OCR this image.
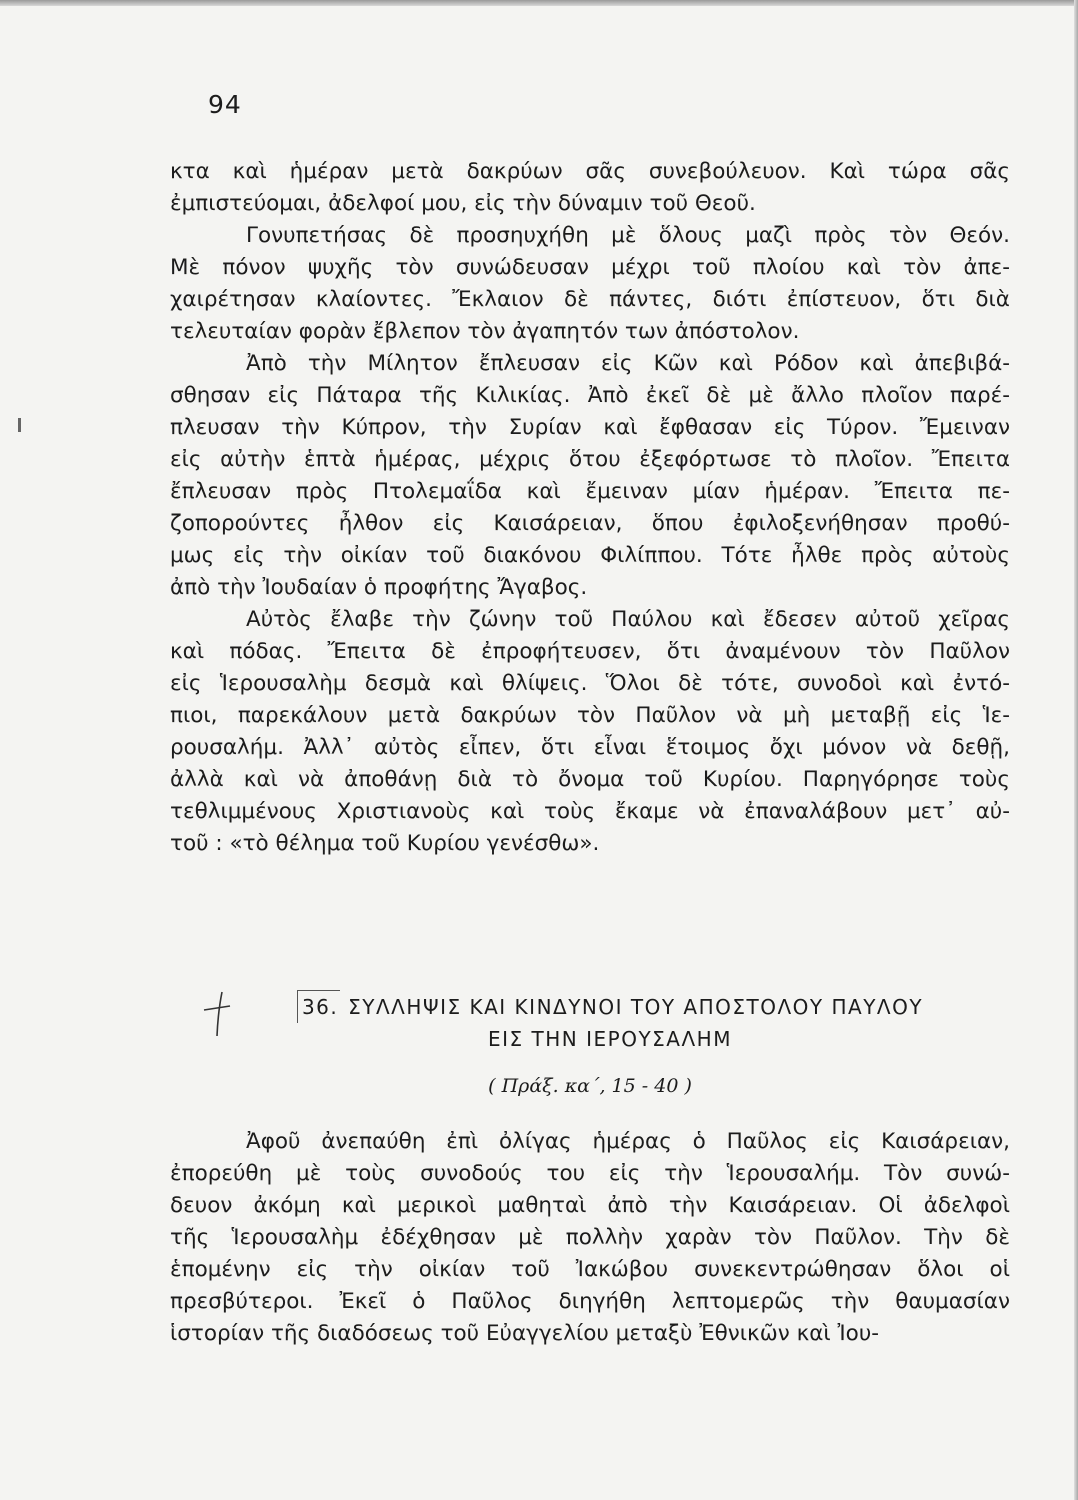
94
κτα καὶ ἡμέραν μετὰ δακρύων σᾶς συνεβούλευον. Καὶ τώρα σᾶς
ἐμπιστεύομαι, ἀδελφοί μου, εἰς τὴν δύναμιν τοῦ Θεοῦ.
Γονυπετήσας δὲ προσηυχήθη μὲ ὅλους μαζὶ πρὸς τὸν Θεόν.
Μὲ πόνον ψυχῆς τὸν συνώδευσαν μέχρι τοῦ πλοίου καὶ τὸν ἀπε-
χαιρέτησαν κλαίοντες. Ἔκλαιον δὲ πάντες, διότι ἐπίστευον, ὅτι διὰ
τελευταίαν φορὰν ἔβλεπον τὸν ἀγαπητόν των ἀπόστολον.
Ἀπὸ τὴν Μίλητον ἔπλευσαν εἰς Κῶν καὶ Ρόδον καὶ ἀπεβιβά-
σθησαν εἰς Πάταρα τῆς Κιλικίας. Ἀπὸ ἐκεῖ δὲ μὲ ἄλλο πλοῖον παρέ-
πλευσαν τὴν Κύπρον, τὴν Συρίαν καὶ ἔφθασαν εἰς Τύρον. Ἔμειναν
εἰς αὐτὴν ἑπτὰ ἡμέρας, μέχρις ὅτου ἐξεφόρτωσε τὸ πλοῖον. Ἔπειτα
ἔπλευσαν πρὸς Πτολεμαΐδα καὶ ἔμειναν μίαν ἡμέραν. Ἔπειτα πε-
ζοπορούντες ἦλθον εἰς Καισάρειαν, ὅπου ἐφιλοξενήθησαν προθύ-
μως εἰς τὴν οἰκίαν τοῦ διακόνου Φιλίππου. Τότε ἦλθε πρὸς αὐτοὺς
ἀπὸ τὴν Ἰουδαίαν ὁ προφήτης Ἄγαβος.
Αὐτὸς ἔλαβε τὴν ζώνην τοῦ Παύλου καὶ ἔδεσεν αὐτοῦ χεῖρας
καὶ πόδας. Ἔπειτα δὲ ἐπροφήτευσεν, ὅτι ἀναμένουν τὸν Παῦλον
εἰς Ἱερουσαλὴμ δεσμὰ καὶ θλίψεις. Ὅλοι δὲ τότε, συνοδοὶ καὶ ἐντό-
πιοι, παρεκάλουν μετὰ δακρύων τὸν Παῦλον νὰ μὴ μεταβῇ εἰς Ἱε-
ρουσαλήμ. Ἀλλ᾽ αὐτὸς εἶπεν, ὅτι εἶναι ἕτοιμος ὄχι μόνον νὰ δεθῇ,
ἀλλὰ καὶ νὰ ἀποθάνῃ διὰ τὸ ὄνομα τοῦ Κυρίου. Παρηγόρησε τοὺς
τεθλιμμένους Χριστιανοὺς καὶ τοὺς ἔκαμε νὰ ἐπαναλάβουν μετ᾽ αὐ-
τοῦ : «τὸ θέλημα τοῦ Κυρίου γενέσθω».
36. ΣΥΛΛΗΨΙΣ ΚΑΙ ΚΙΝΔΥΝΟΙ ΤΟΥ ΑΠΟΣΤΟΛΟΥ ΠΑΥΛΟΥ
ΕΙΣ ΤΗΝ ΙΕΡΟΥΣΑΛΗΜ
( Πράξ. κα΄, 15 - 40 )
Ἀφοῦ ἀνεπαύθη ἐπὶ ὀλίγας ἡμέρας ὁ Παῦλος εἰς Καισάρειαν,
ἐπορεύθη μὲ τοὺς συνοδούς του εἰς τὴν Ἱερουσαλήμ. Τὸν συνώ-
δευον ἀκόμη καὶ μερικοὶ μαθηταὶ ἀπὸ τὴν Καισάρειαν. Οἱ ἀδελφοὶ
τῆς Ἱερουσαλὴμ ἐδέχθησαν μὲ πολλὴν χαρὰν τὸν Παῦλον. Τὴν δὲ
ἑπομένην εἰς τὴν οἰκίαν τοῦ Ἰακώβου συνεκεντρώθησαν ὅλοι οἱ
πρεσβύτεροι. Ἐκεῖ ὁ Παῦλος διηγήθη λεπτομερῶς τὴν θαυμασίαν
ἱστορίαν τῆς διαδόσεως τοῦ Εὐαγγελίου μεταξὺ Ἐθνικῶν καὶ Ἰου-
